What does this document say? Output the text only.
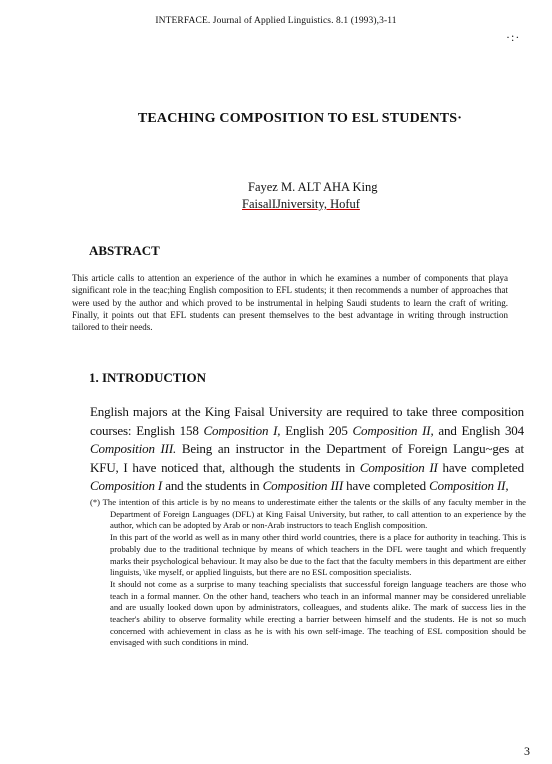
INTERFACE. Journal of Applied Linguistics. 8.1 (1993),3-11
·:·
TEACHING COMPOSITION TO ESL STUDENTS·
Fayez M. ALT AHA King
FaisalIJniversity, Hofuf
ABSTRACT
This article calls to attention an experience of the author in which he examines a number of components that playa significant role in the teac;hing English composition to EFL students; it then recommends a number of approaches that were used by the author and which proved to be instrumental in helping Saudi students to learn the craft of writing. Finally, it points out that EFL students can present themselves to the best advantage in writing through instruction tailored to their needs.
1. INTRODUCTION
English majors at the King Faisal University are required to take three composition courses: English 158 Composition I, English 205 Composition II, and English 304 Composition III. Being an instructor in the Department of Foreign Langu~ges at KFU, I have noticed that, although the students in Composition II have completed Composition I and the students in Composition III have completed Composition II,

(*) The intention of this article is by no means to underestimate either the talents or the skills of any faculty member in the Department of Foreign Languages (DFL) at King Faisal University, but rather, to call attention to an experience by the author, which can be adopted by Arab or non-Arab instructors to teach English composition.

In this part of the world as well as in many other third world countries, there is a place for authority in teaching. This is probably due to the traditional technique by means of which teachers in the DFL were taught and which frequently marks their psychological behaviour. It may also be due to the fact that the faculty members in this department are either linguists, \ike myself, or applied linguists, but there are no ESL composition specialists.

It should not come as a surprise to many teaching specialists that successful foreign language teachers are those who teach in a formal manner. On the other hand, teachers who teach in an informal manner may be considered unreliable and are usually looked down upon by administrators, colleagues, and students alike. The mark of success lies in the teacher's ability to observe formality while erecting a barrier between himself and the students. He is not so much concerned with achievement in class as he is with his own self-image. The teaching of ESL composition should be envisaged with such conditions in mind.

3
